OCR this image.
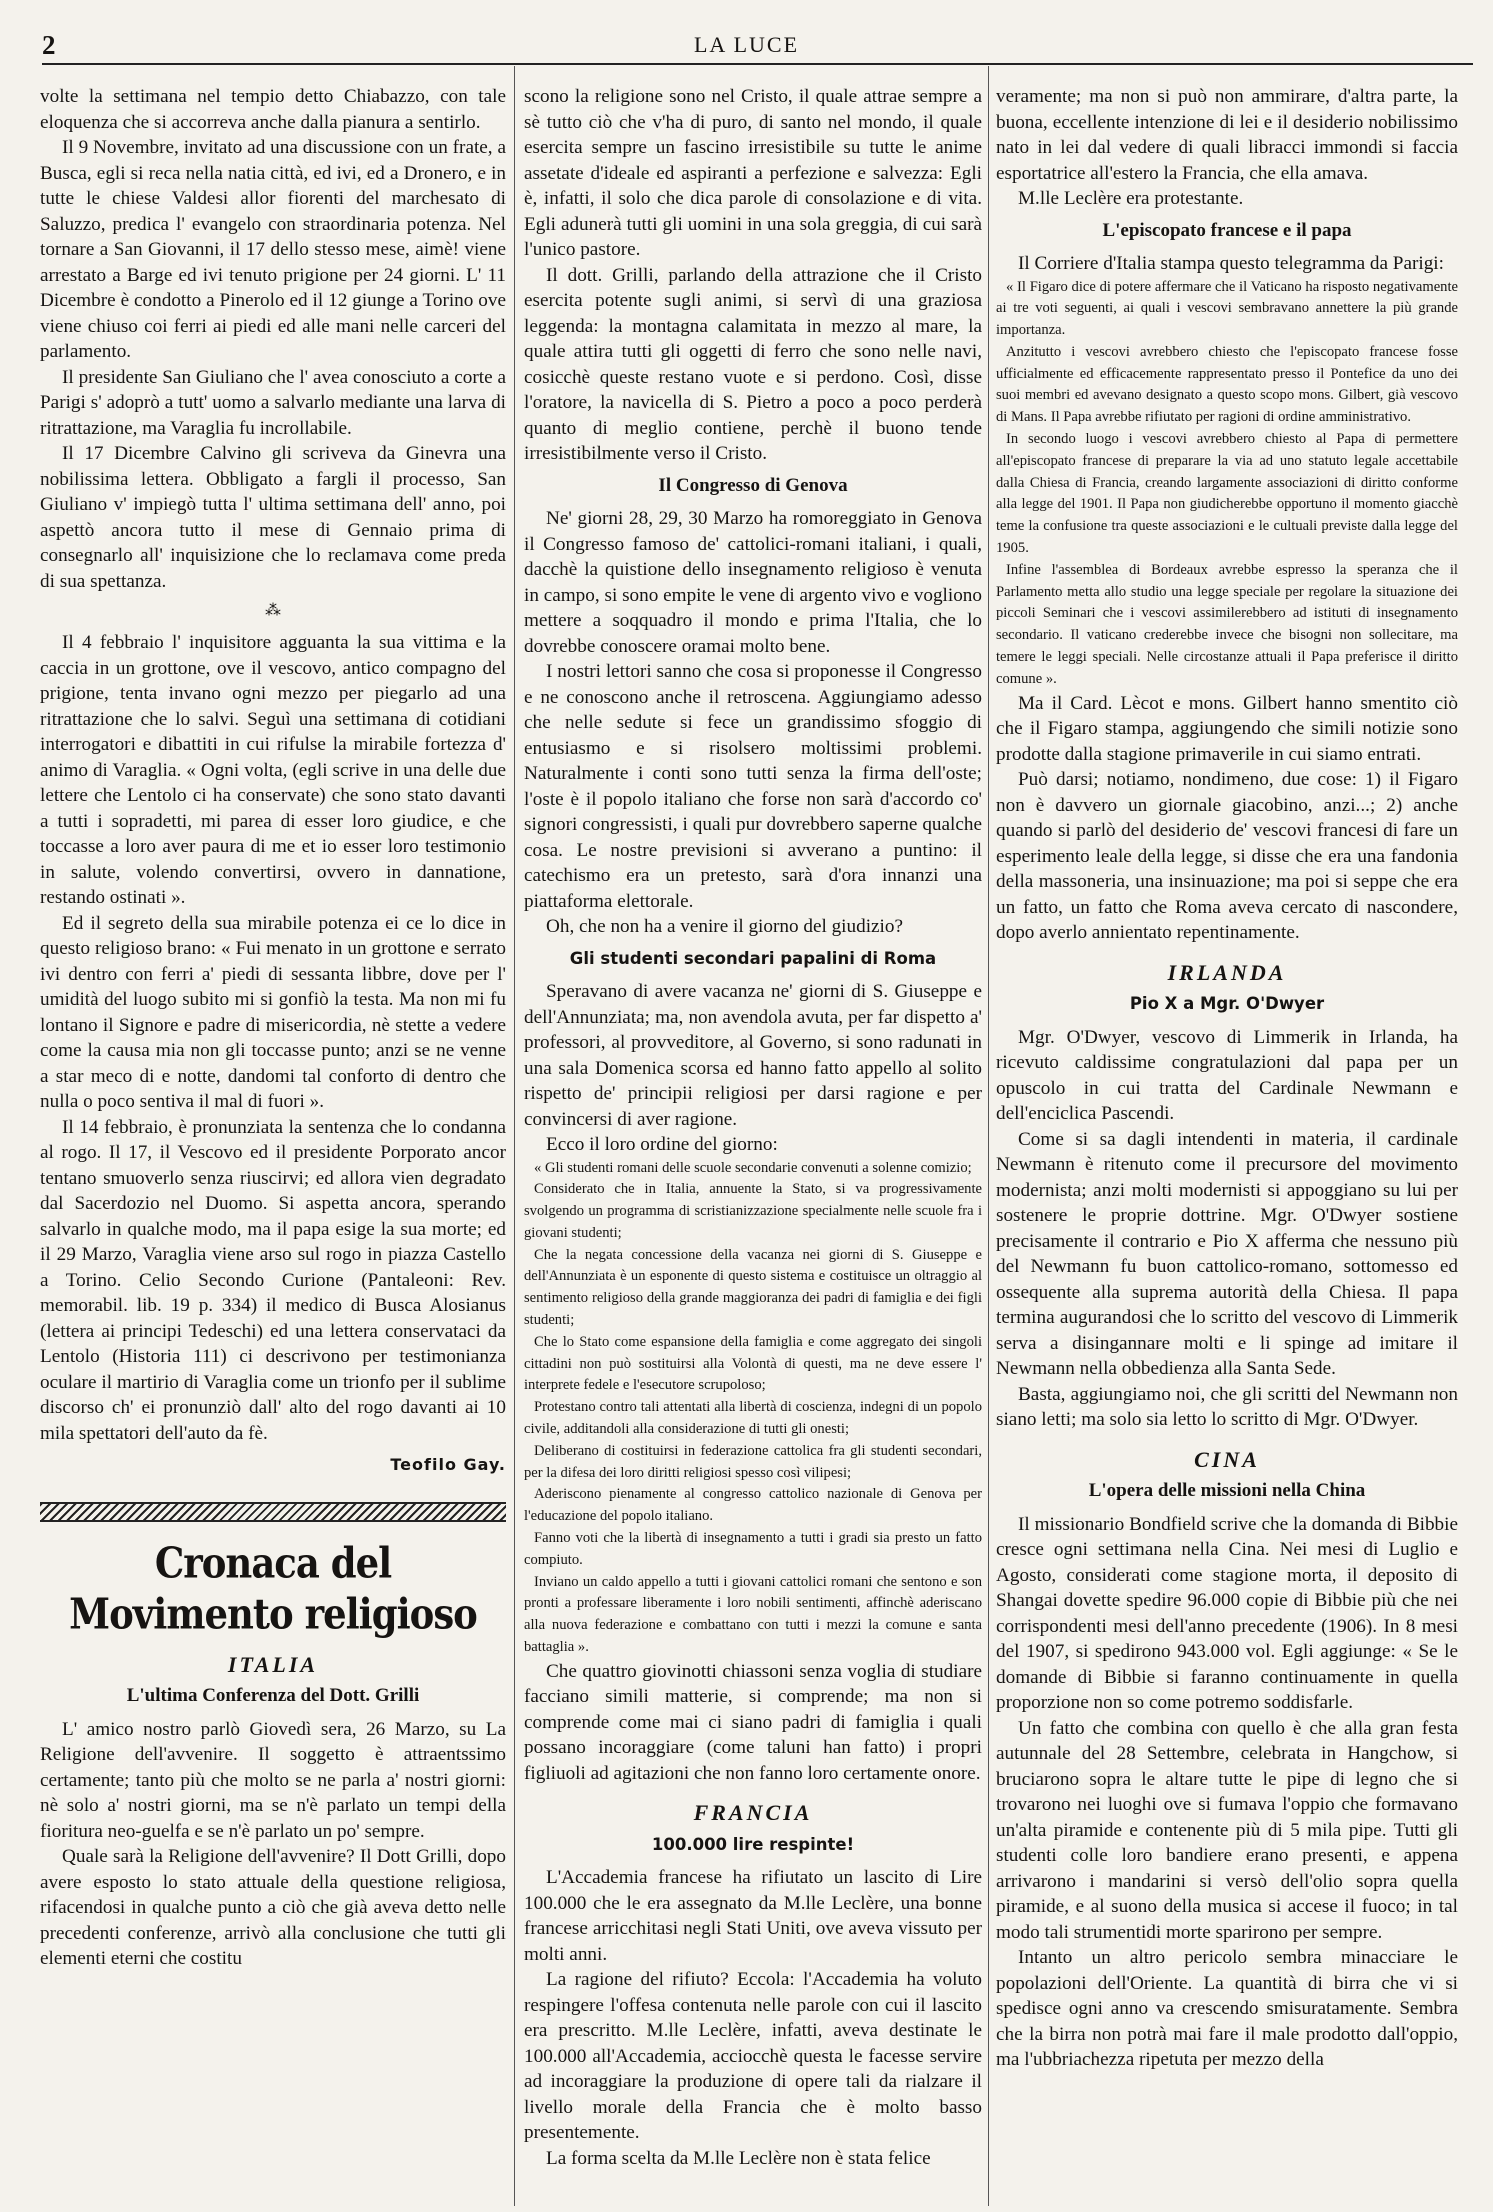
2	LA LUCE

volte la settimana nel tempio detto Chiabazzo, con tale eloquenza che si accorreva anche dalla pianura a sentirlo.

Il 9 Novembre, invitato ad una discussione con un frate, a Busca, egli si reca nella natia città, ed ivi, ed a Dronero, e in tutte le chiese Valdesi allor fiorenti del marchesato di Saluzzo, predica l' evangelo con straordinaria potenza. Nel tornare a San Giovanni, il 17 dello stesso mese, aimè! viene arrestato a Barge ed ivi tenuto prigione per 24 giorni. L' 11 Dicembre è condotto a Pinerolo ed il 12 giunge a Torino ove viene chiuso coi ferri ai piedi ed alle mani nelle carceri del parlamento.

Il presidente San Giuliano che l' avea conosciuto a corte a Parigi s' adoprò a tutt' uomo a salvarlo mediante una larva di ritrattazione, ma Varaglia fu incrollabile.

Il 17 Dicembre Calvino gli scriveva da Ginevra una nobilissima lettera. Obbligato a fargli il processo, San Giuliano v' impiegò tutta l' ultima settimana dell' anno, poi aspettò ancora tutto il mese di Gennaio prima di consegnarlo all' inquisizione che lo reclamava come preda di sua spettanza.

⁂

Il 4 febbraio l' inquisitore agguanta la sua vittima e la caccia in un grottone, ove il vescovo, antico compagno del prigione, tenta invano ogni mezzo per piegarlo ad una ritrattazione che lo salvi. Seguì una settimana di cotidiani interrogatori e dibattiti in cui rifulse la mirabile fortezza d' animo di Varaglia. « Ogni volta, (egli scrive in una delle due lettere che Lentolo ci ha conservate) che sono stato davanti a tutti i sopradetti, mi parea di esser loro giudice, e che toccasse a loro aver paura di me et io esser loro testimonio in salute, volendo convertirsi, ovvero in dannatione, restando ostinati ».

Ed il segreto della sua mirabile potenza ei ce lo dice in questo religioso brano: « Fui menato in un grottone e serrato ivi dentro con ferri a' piedi di sessanta libbre, dove per l' umidità del luogo subito mi si gonfiò la testa. Ma non mi fu lontano il Signore e padre di misericordia, nè stette a vedere come la causa mia non gli toccasse punto; anzi se ne venne a star meco di e notte, dandomi tal conforto di dentro che nulla o poco sentiva il mal di fuori ».

Il 14 febbraio, è pronunziata la sentenza che lo condanna al rogo. Il 17, il Vescovo ed il presidente Porporato ancor tentano smuoverlo senza riuscirvi; ed allora vien degradato dal Sacerdozio nel Duomo. Si aspetta ancora, sperando salvarlo in qualche modo, ma il papa esige la sua morte; ed il 29 Marzo, Varaglia viene arso sul rogo in piazza Castello a Torino. Celio Secondo Curione (Pantaleoni: Rev. memorabil. lib. 19 p. 334) il medico di Busca Alosianus (lettera ai principi Tedeschi) ed una lettera conservataci da Lentolo (Historia 111) ci descrivono per testimonianza oculare il martirio di Varaglia come un trionfo per il sublime discorso ch' ei pronunziò dall' alto del rogo davanti ai 10 mila spettatori dell'auto da fè.

Teofilo Gay.
Cronaca del Movimento religioso
ITALIA
L'ultima Conferenza del Dott. Grilli

L' amico nostro parlò Giovedì sera, 26 Marzo, su La Religione dell'avvenire. Il soggetto è attraentssimo certamente; tanto più che molto se ne parla a' nostri giorni: nè solo a' nostri giorni, ma se n'è parlato un tempi della fioritura neo-guelfa e se n'è parlato un po' sempre.

Quale sarà la Religione dell'avvenire? Il Dott Grilli, dopo avere esposto lo stato attuale della questione religiosa, rifacendosi in qualche punto a ciò che già aveva detto nelle precedenti conferenze, arrivò alla conclusione che tutti gli elementi eterni che costitu

scono la religione sono nel Cristo, il quale attrae sempre a sè tutto ciò che v'ha di puro, di santo nel mondo, il quale esercita sempre un fascino irresistibile su tutte le anime assetate d'ideale ed aspiranti a perfezione e salvezza: Egli è, infatti, il solo che dica parole di consolazione e di vita. Egli adunerà tutti gli uomini in una sola greggia, di cui sarà l'unico pastore.

Il dott. Grilli, parlando della attrazione che il Cristo esercita potente sugli animi, si servì di una graziosa leggenda: la montagna calamitata in mezzo al mare, la quale attira tutti gli oggetti di ferro che sono nelle navi, cosicchè queste restano vuote e si perdono. Così, disse l'oratore, la navicella di S. Pietro a poco a poco perderà quanto di meglio contiene, perchè il buono tende irresistibilmente verso il Cristo.

Il Congresso di Genova

Ne' giorni 28, 29, 30 Marzo ha romoreggiato in Genova il Congresso famoso de' cattolici-romani italiani, i quali, dacchè la quistione dello insegnamento religioso è venuta in campo, si sono empite le vene di argento vivo e vogliono mettere a soqquadro il mondo e prima l'Italia, che lo dovrebbe conoscere oramai molto bene.

I nostri lettori sanno che cosa si proponesse il Congresso e ne conoscono anche il retroscena. Aggiungiamo adesso che nelle sedute si fece un grandissimo sfoggio di entusiasmo e si risolsero moltissimi problemi. Naturalmente i conti sono tutti senza la firma dell'oste; l'oste è il popolo italiano che forse non sarà d'accordo co' signori congressisti, i quali pur dovrebbero saperne qualche cosa. Le nostre previsioni si avverano a puntino: il catechismo era un pretesto, sarà d'ora innanzi una piattaforma elettorale.

Oh, che non ha a venire il giorno del giudizio?

Gli studenti secondari papalini di Roma

Speravano di avere vacanza ne' giorni di S. Giuseppe e dell'Annunziata; ma, non avendola avuta, per far dispetto a' professori, al provveditore, al Governo, si sono radunati in una sala Domenica scorsa ed hanno fatto appello al solito rispetto de' principii religiosi per darsi ragione e per convincersi di aver ragione.

Ecco il loro ordine del giorno:

« Gli studenti romani delle scuole secondarie convenuti a solenne comizio;

Considerato che in Italia, annuente la Stato, si va progressivamente svolgendo un programma di scristianizzazione specialmente nelle scuole fra i giovani studenti;

Che la negata concessione della vacanza nei giorni di S. Giuseppe e dell'Annunziata è un esponente di questo sistema e costituisce un oltraggio al sentimento religioso della grande maggioranza dei padri di famiglia e dei figli studenti;

Che lo Stato come espansione della famiglia e come aggregato dei singoli cittadini non può sostituirsi alla Volontà di questi, ma ne deve essere l' interprete fedele e l'esecutore scrupoloso;

Protestano contro tali attentati alla libertà di coscienza, indegni di un popolo civile, additandoli alla considerazione di tutti gli onesti;

Deliberano di costituirsi in federazione cattolica fra gli studenti secondari, per la difesa dei loro diritti religiosi spesso così vilipesi;

Aderiscono pienamente al congresso cattolico nazionale di Genova per l'educazione del popolo italiano.

Fanno voti che la libertà di insegnamento a tutti i gradi sia presto un fatto compiuto.

Inviano un caldo appello a tutti i giovani cattolici romani che sentono e son pronti a professare liberamente i loro nobili sentimenti, affinchè aderiscano alla nuova federazione e combattano con tutti i mezzi la comune e santa battaglia ».

Che quattro giovinotti chiassoni senza voglia di studiare facciano simili matterie, si comprende; ma non si comprende come mai ci siano padri di famiglia i quali possano incoraggiare (come taluni han fatto) i propri figliuoli ad agitazioni che non fanno loro certamente onore.

FRANCIA
100.000 lire respinte!

L'Accademia francese ha rifiutato un lascito di Lire 100.000 che le era assegnato da M.lle Leclère, una bonne francese arricchitasi negli Stati Uniti, ove aveva vissuto per molti anni.

La ragione del rifiuto? Eccola: l'Accademia ha voluto respingere l'offesa contenuta nelle parole con cui il lascito era prescritto. M.lle Leclère, infatti, aveva destinate le 100.000 all'Accademia, acciocchè questa le facesse servire ad incoraggiare la produzione di opere tali da rialzare il livello morale della Francia che è molto basso presentemente.

La forma scelta da M.lle Leclère non è stata felice

veramente; ma non si può non ammirare, d'altra parte, la buona, eccellente intenzione di lei e il desiderio nobilissimo nato in lei dal vedere di quali libracci immondi si faccia esportatrice all'estero la Francia, che ella amava.

M.lle Leclère era protestante.

L'episcopato francese e il papa

Il Corriere d'Italia stampa questo telegramma da Parigi:

« Il Figaro dice di potere affermare che il Vaticano ha risposto negativamente ai tre voti seguenti, ai quali i vescovi sembravano annettere la più grande importanza.

Anzitutto i vescovi avrebbero chiesto che l'episcopato francese fosse ufficialmente ed efficacemente rappresentato presso il Pontefice da uno dei suoi membri ed avevano designato a questo scopo mons. Gilbert, già vescovo di Mans. Il Papa avrebbe rifiutato per ragioni di ordine amministrativo.

In secondo luogo i vescovi avrebbero chiesto al Papa di permettere all'episcopato francese di preparare la via ad uno statuto legale accettabile dalla Chiesa di Francia, creando largamente associazioni di diritto conforme alla legge del 1901. Il Papa non giudicherebbe opportuno il momento giacchè teme la confusione tra queste associazioni e le cultuali previste dalla legge del 1905.

Infine l'assemblea di Bordeaux avrebbe espresso la speranza che il Parlamento metta allo studio una legge speciale per regolare la situazione dei piccoli Seminari che i vescovi assimilerebbero ad istituti di insegnamento secondario. Il vaticano crederebbe invece che bisogni non sollecitare, ma temere le leggi speciali. Nelle circostanze attuali il Papa preferisce il diritto comune ».

Ma il Card. Lècot e mons. Gilbert hanno smentito ciò che il Figaro stampa, aggiungendo che simili notizie sono prodotte dalla stagione primaverile in cui siamo entrati.

Può darsi; notiamo, nondimeno, due cose: 1) il Figaro non è davvero un giornale giacobino, anzi...; 2) anche quando si parlò del desiderio de' vescovi francesi di fare un esperimento leale della legge, si disse che era una fandonia della massoneria, una insinuazione; ma poi si seppe che era un fatto, un fatto che Roma aveva cercato di nascondere, dopo averlo annientato repentinamente.

IRLANDA
Pio X a Mgr. O'Dwyer

Mgr. O'Dwyer, vescovo di Limmerik in Irlanda, ha ricevuto caldissime congratulazioni dal papa per un opuscolo in cui tratta del Cardinale Newmann e dell'enciclica Pascendi.

Come si sa dagli intendenti in materia, il cardinale Newmann è ritenuto come il precursore del movimento modernista; anzi molti modernisti si appoggiano su lui per sostenere le proprie dottrine. Mgr. O'Dwyer sostiene precisamente il contrario e Pio X afferma che nessuno più del Newmann fu buon cattolico-romano, sottomesso ed ossequente alla suprema autorità della Chiesa. Il papa termina augurandosi che lo scritto del vescovo di Limmerik serva a disingannare molti e li spinge ad imitare il Newmann nella obbedienza alla Santa Sede.

Basta, aggiungiamo noi, che gli scritti del Newmann non siano letti; ma solo sia letto lo scritto di Mgr. O'Dwyer.

CINA
L'opera delle missioni nella China

Il missionario Bondfield scrive che la domanda di Bibbie cresce ogni settimana nella Cina. Nei mesi di Luglio e Agosto, considerati come stagione morta, il deposito di Shangai dovette spedire 96.000 copie di Bibbie più che nei corrispondenti mesi dell'anno precedente (1906). In 8 mesi del 1907, si spedirono 943.000 vol. Egli aggiunge: « Se le domande di Bibbie si faranno continuamente in quella proporzione non so come potremo soddisfarle.

Un fatto che combina con quello è che alla gran festa autunnale del 28 Settembre, celebrata in Hangchow, si bruciarono sopra le altare tutte le pipe di legno che si trovarono nei luoghi ove si fumava l'oppio che formavano un'alta piramide e contenente più di 5 mila pipe. Tutti gli studenti colle loro bandiere erano presenti, e appena arrivarono i mandarini si versò dell'olio sopra quella piramide, e al suono della musica si accese il fuoco; in tal modo tali strumentidi morte sparirono per sempre.

Intanto un altro pericolo sembra minacciare le popolazioni dell'Oriente. La quantità di birra che vi si spedisce ogni anno va crescendo smisuratamente. Sembra che la birra non potrà mai fare il male prodotto dall'oppio, ma l'ubbriachezza ripetuta per mezzo della
